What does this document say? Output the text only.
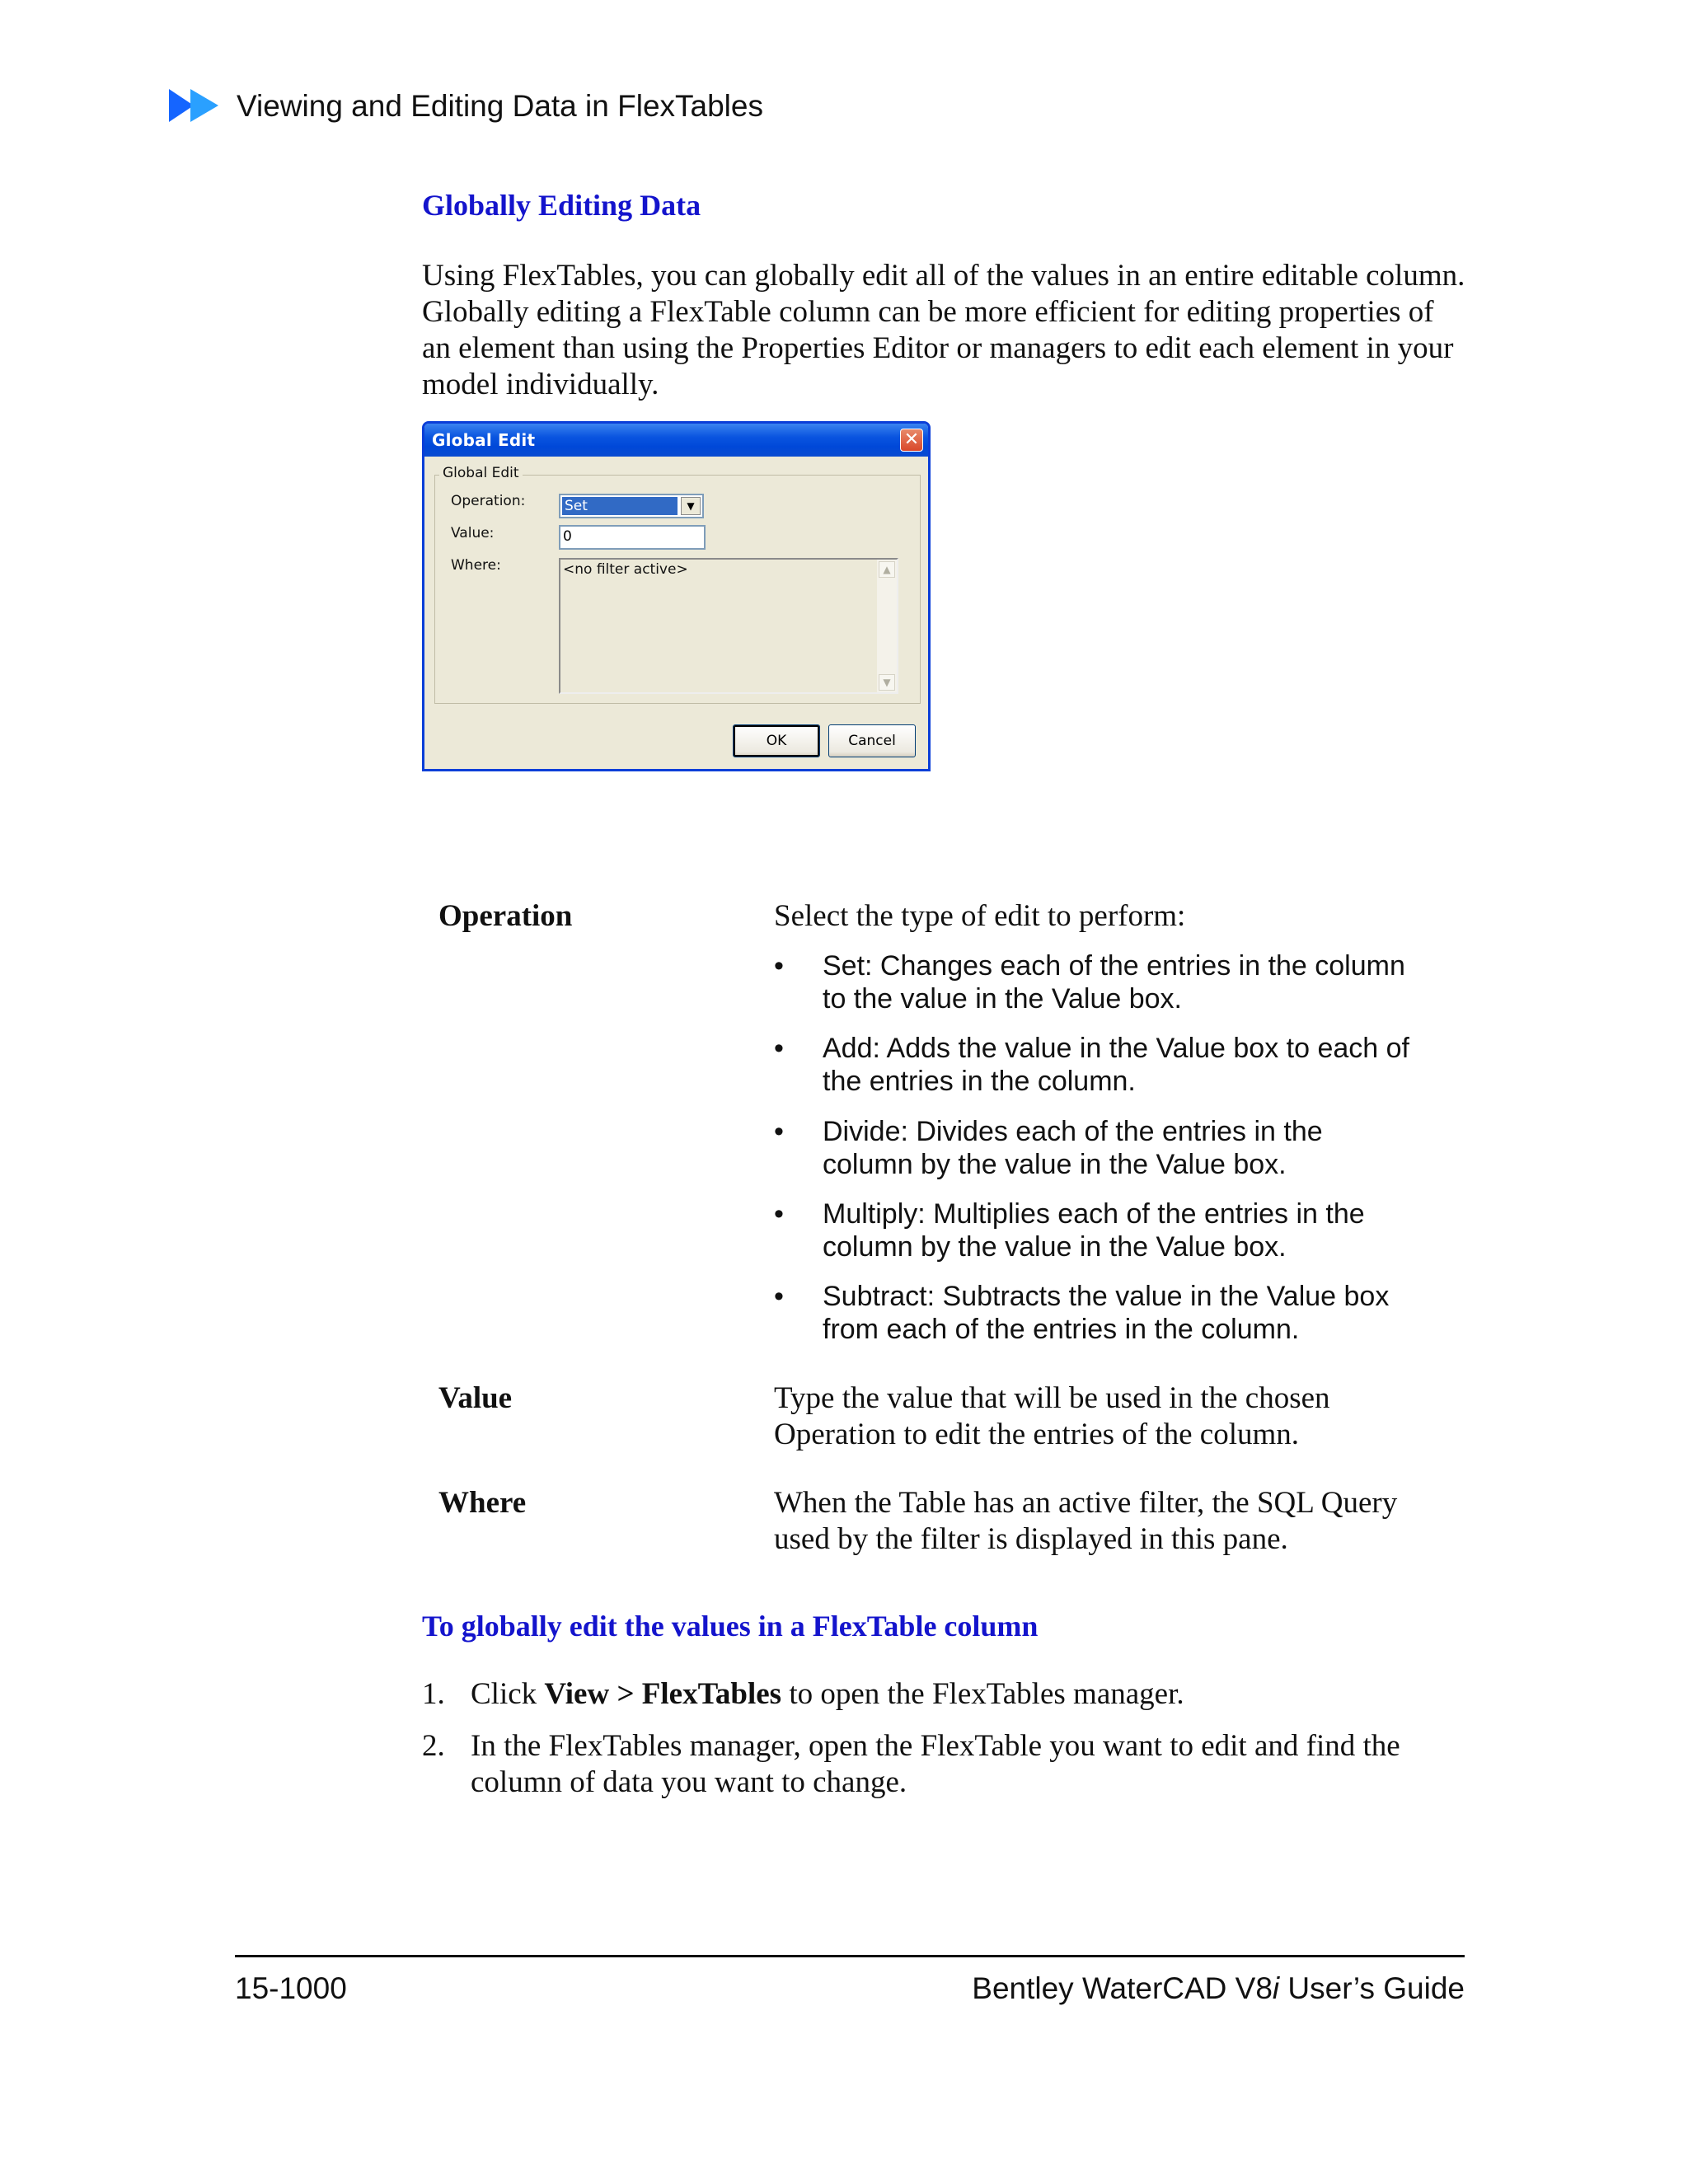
Viewing and Editing Data in FlexTables
Globally Editing Data
Using FlexTables, you can globally edit all of the values in an entire editable column. Globally editing a FlexTable column can be more efficient for editing properties of an element than using the Properties Editor or managers to edit each element in your model individually.
Global Edit	✕
Global Edit
Operation:	Set	▼
Value:	0
Where:	<no filter active>	▲
▼
OK	Cancel
Operation	Select the type of edit to perform:
• Set: Changes each of the entries in the column to the value in the Value box.
• Add: Adds the value in the Value box to each of the entries in the column.
• Divide: Divides each of the entries in the column by the value in the Value box.
• Multiply: Multiplies each of the entries in the column by the value in the Value box.
• Subtract: Subtracts the value in the Value box from each of the entries in the column.
Value	Type the value that will be used in the chosen Operation to edit the entries of the column.
Where	When the Table has an active filter, the SQL Query used by the filter is displayed in this pane.
To globally edit the values in a FlexTable column
1. Click View > FlexTables to open the FlexTables manager.
2. In the FlexTables manager, open the FlexTable you want to edit and find the column of data you want to change.
15-1000	Bentley WaterCAD V8i User’s Guide
